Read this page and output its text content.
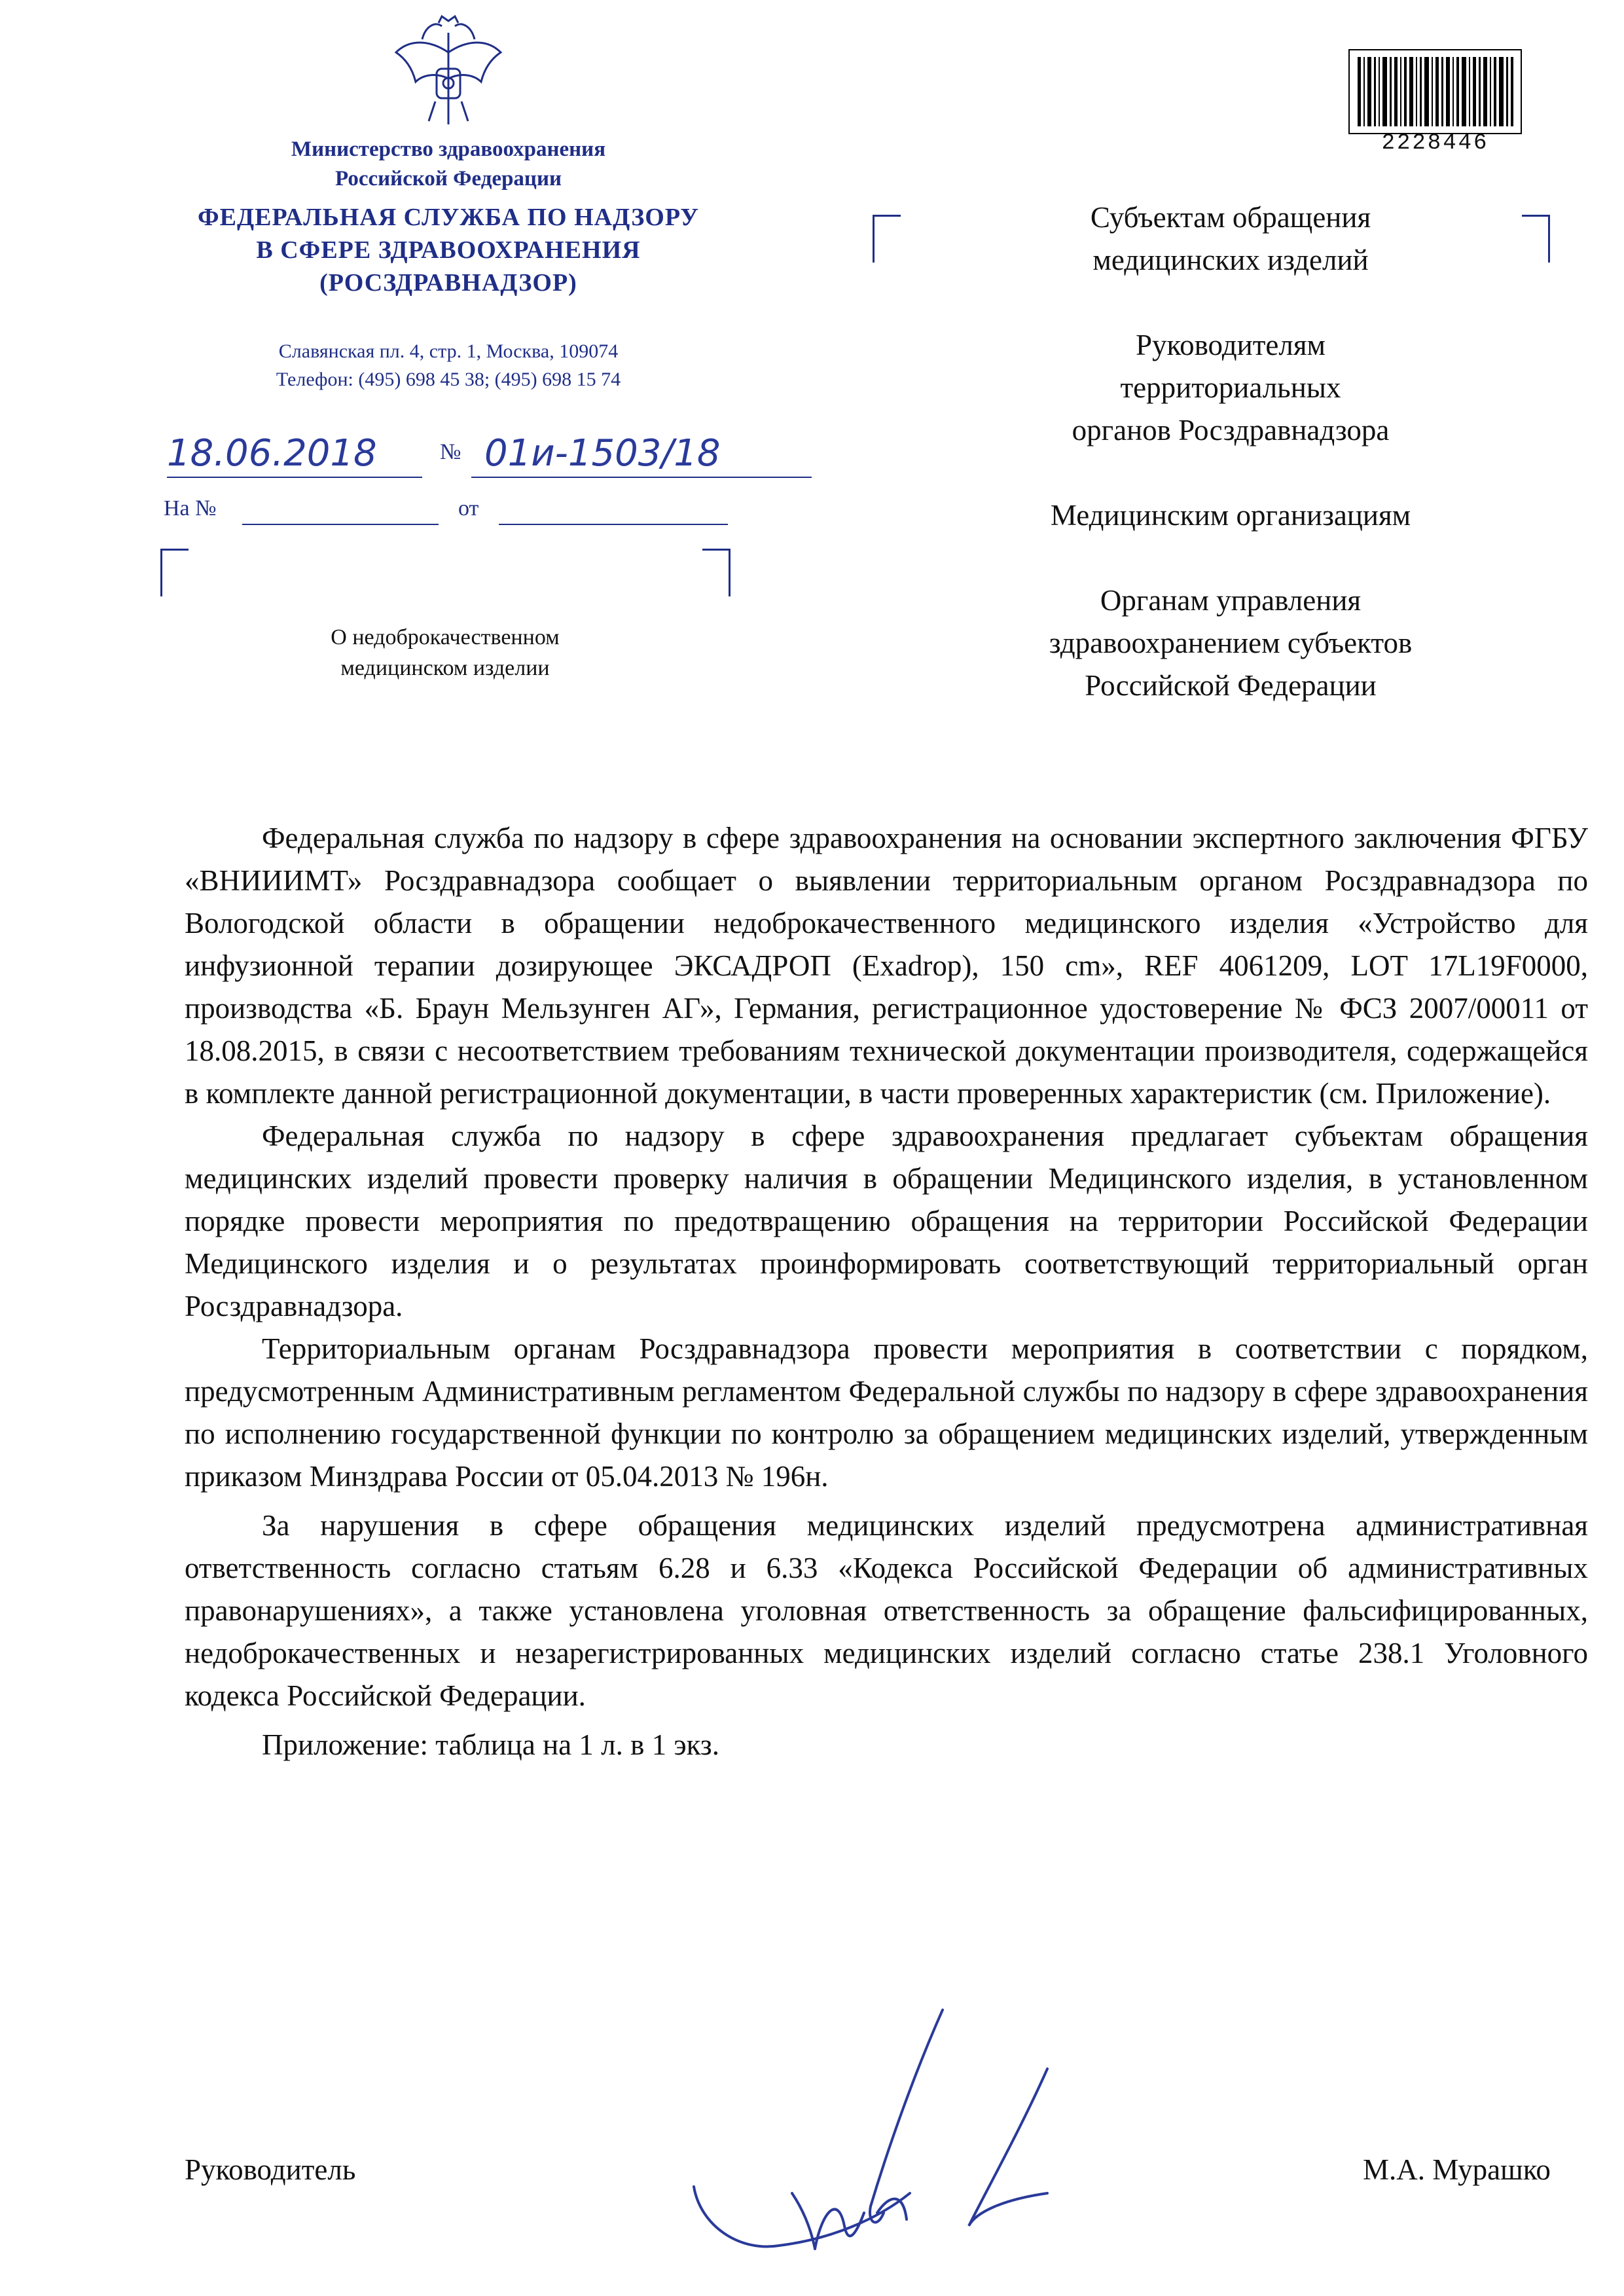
Министерство здравоохранения
Российской Федерации
ФЕДЕРАЛЬНАЯ СЛУЖБА ПО НАДЗОРУ
В СФЕРЕ ЗДРАВООХРАНЕНИЯ
(РОСЗДРАВНАДЗОР)
Славянская пл. 4, стр. 1, Москва, 109074
Телефон: (495) 698 45 38; (495) 698 15 74
18.06.2018	№ 01и-1503/18
На №	от
О недоброкачественном
медицинском изделии
2228446
Субъектам обращения
медицинских изделий
Руководителям
территориальных
органов Росздравнадзора
Медицинским организациям
Органам управления
здравоохранением субъектов
Российской Федерации

Федеральная служба по надзору в сфере здравоохранения на основании экспертного заключения ФГБУ «ВНИИИМТ» Росздравнадзора сообщает о выявлении территориальным органом Росздравнадзора по Вологодской области в обращении недоброкачественного медицинского изделия «Устройство для инфузионной терапии дозирующее ЭКСАДРОП (Exadrop), 150 cm», REF 4061209, LOT 17L19F0000, производства «Б. Браун Мельзунген АГ», Германия, регистрационное удостоверение № ФСЗ 2007/00011 от 18.08.2015, в связи с несоответствием требованиям технической документации производителя, содержащейся в комплекте данной регистрационной документации, в части проверенных характеристик (см. Приложение).

Федеральная служба по надзору в сфере здравоохранения предлагает субъектам обращения медицинских изделий провести проверку наличия в обращении Медицинского изделия, в установленном порядке провести мероприятия по предотвращению обращения на территории Российской Федерации Медицинского изделия и о результатах проинформировать соответствующий территориальный орган Росздравнадзора.

Территориальным органам Росздравнадзора провести мероприятия в соответствии с порядком, предусмотренным Административным регламентом Федеральной службы по надзору в сфере здравоохранения по исполнению государственной функции по контролю за обращением медицинских изделий, утвержденным приказом Минздрава России от 05.04.2013 № 196н.

За нарушения в сфере обращения медицинских изделий предусмотрена административная ответственность согласно статьям 6.28 и 6.33 «Кодекса Российской Федерации об административных правонарушениях», а также установлена уголовная ответственность за обращение фальсифицированных, недоброкачественных и незарегистрированных медицинских изделий согласно статье 238.1 Уголовного кодекса Российской Федерации.

Приложение: таблица на 1 л. в 1 экз.

Руководитель	М.А. Мурашко
